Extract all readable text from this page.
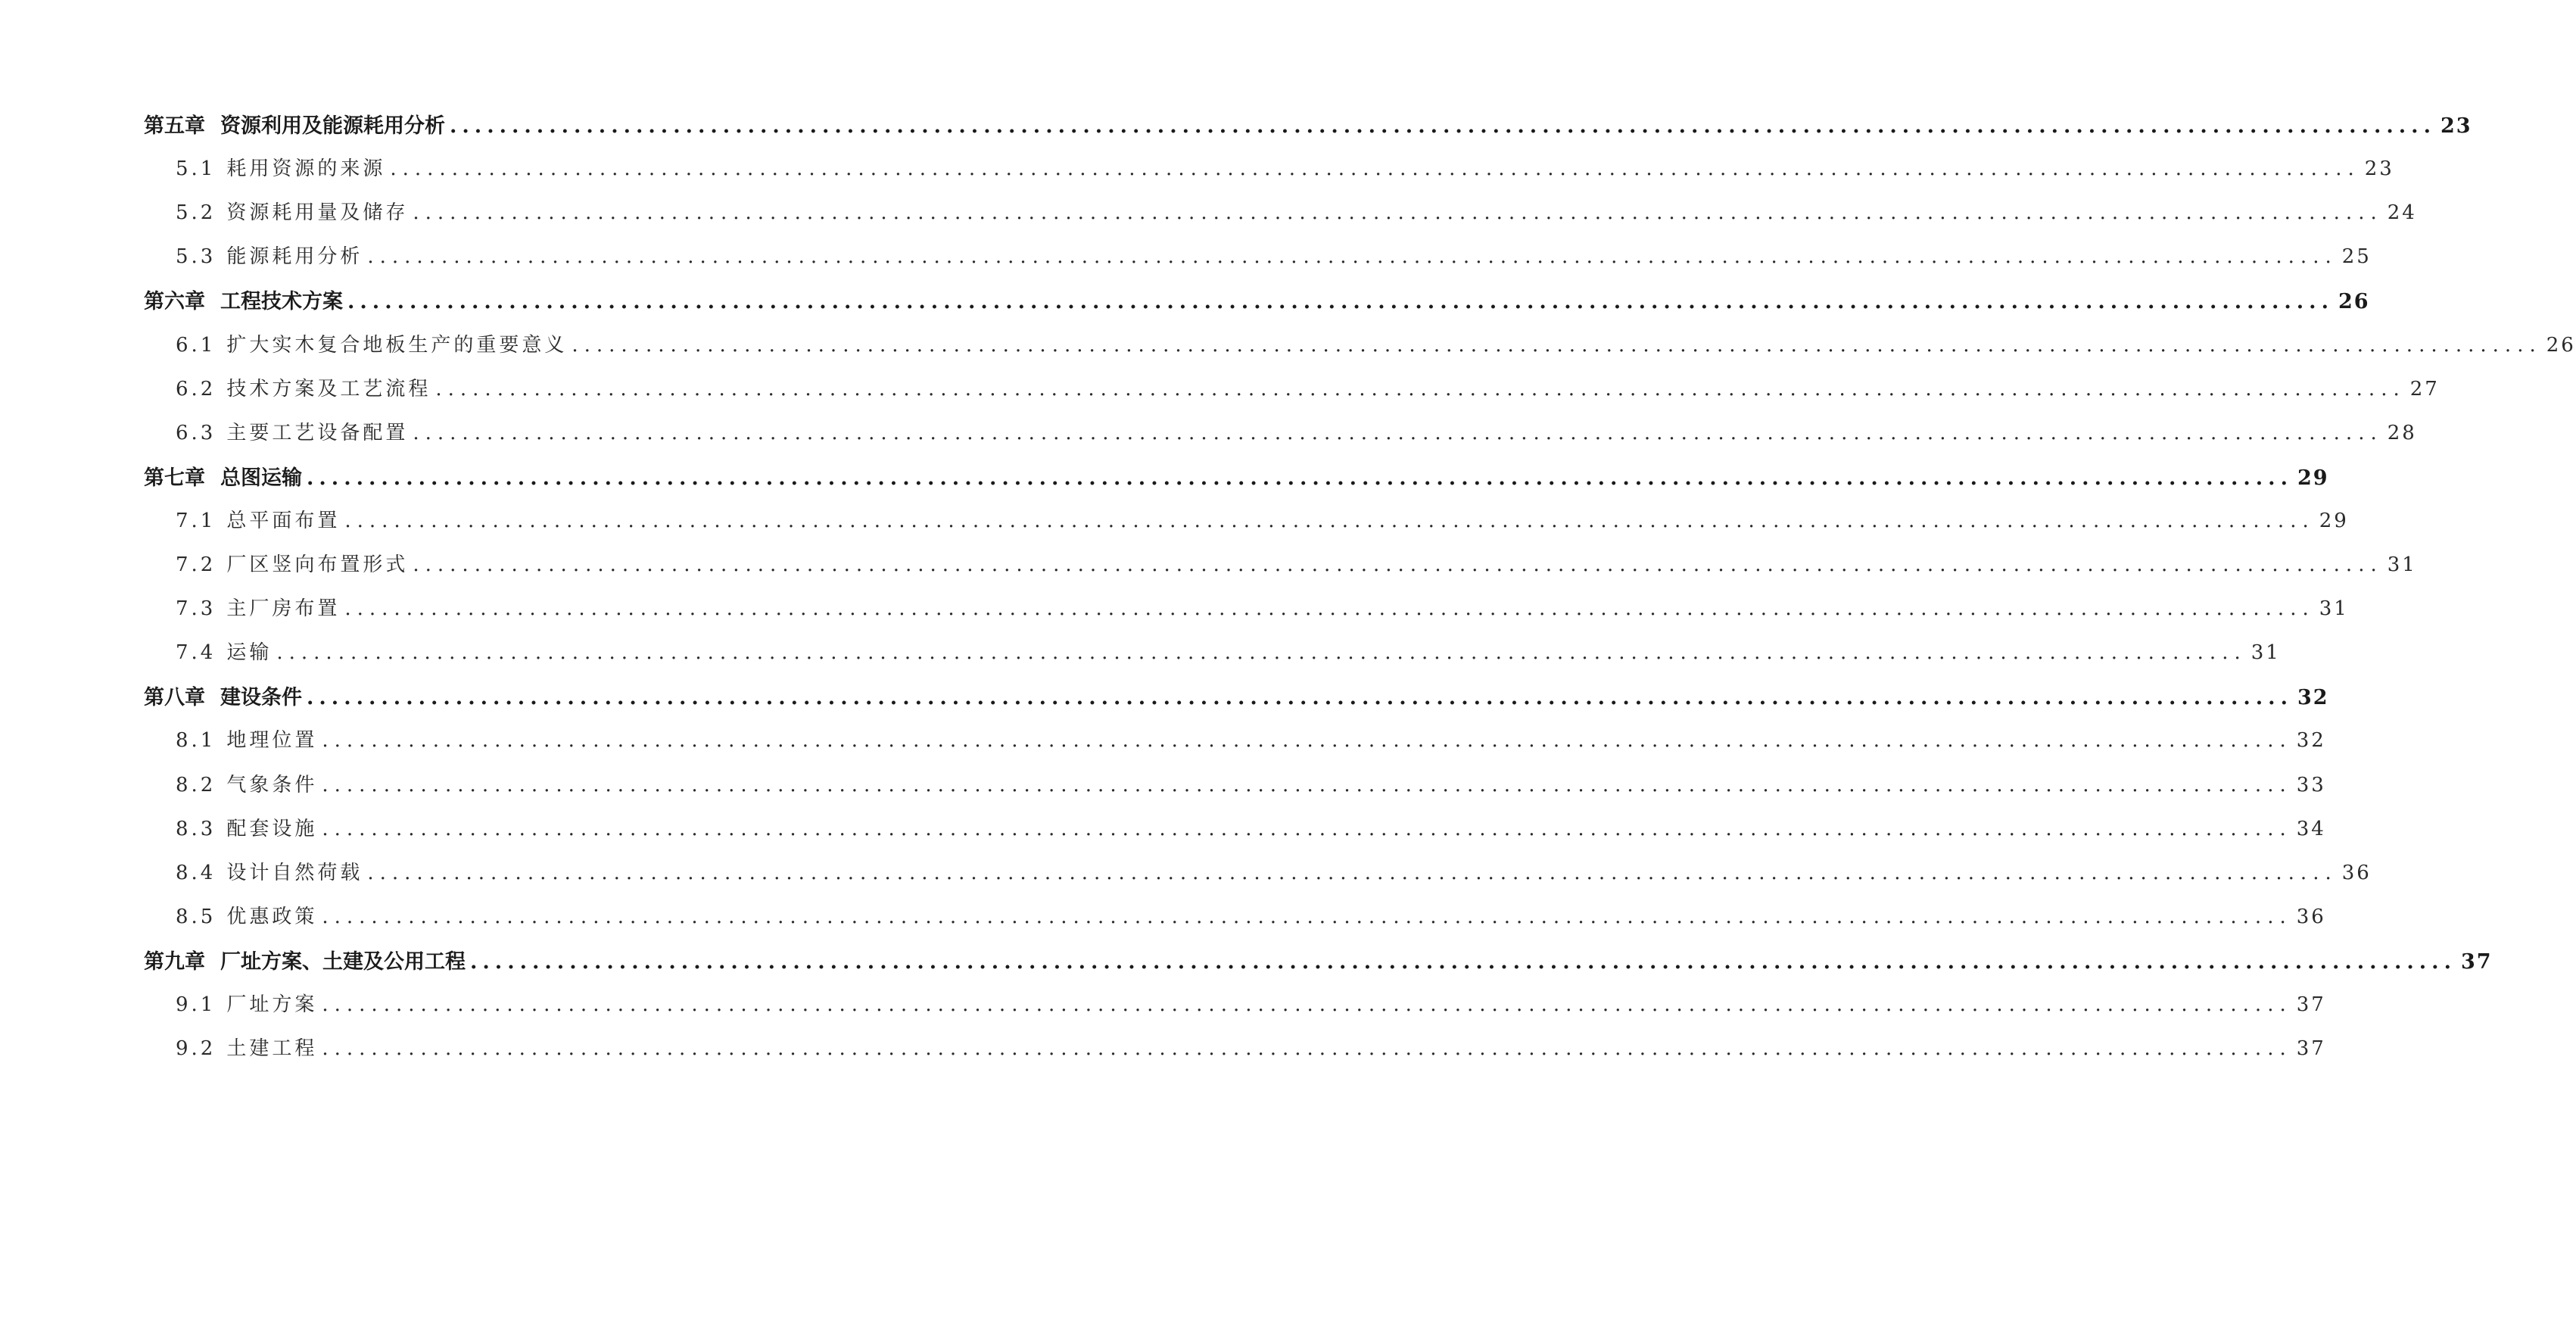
第五章 资源利用及能源耗用分析 ................................................................................................................................................................ 23
5.1 耗用资源的来源 ................................................................................................................................................................ 23
5.2 资源耗用量及储存 ................................................................................................................................................................ 24
5.3 能源耗用分析 ................................................................................................................................................................ 25
第六章 工程技术方案 ................................................................................................................................................................ 26
6.1 扩大实木复合地板生产的重要意义 ................................................................................................................................................................ 26
6.2 技术方案及工艺流程 ................................................................................................................................................................ 27
6.3 主要工艺设备配置 ................................................................................................................................................................ 28
第七章 总图运输 ................................................................................................................................................................ 29
7.1 总平面布置 ................................................................................................................................................................ 29
7.2 厂区竖向布置形式 ................................................................................................................................................................ 31
7.3 主厂房布置 ................................................................................................................................................................ 31
7.4 运输 ................................................................................................................................................................ 31
第八章 建设条件 ................................................................................................................................................................ 32
8.1 地理位置 ................................................................................................................................................................ 32
8.2 气象条件 ................................................................................................................................................................ 33
8.3 配套设施 ................................................................................................................................................................ 34
8.4 设计自然荷载 ................................................................................................................................................................ 36
8.5 优惠政策 ................................................................................................................................................................ 36
第九章 厂址方案、土建及公用工程 ................................................................................................................................................................ 37
9.1 厂址方案 ................................................................................................................................................................ 37
9.2 土建工程 ................................................................................................................................................................ 37
